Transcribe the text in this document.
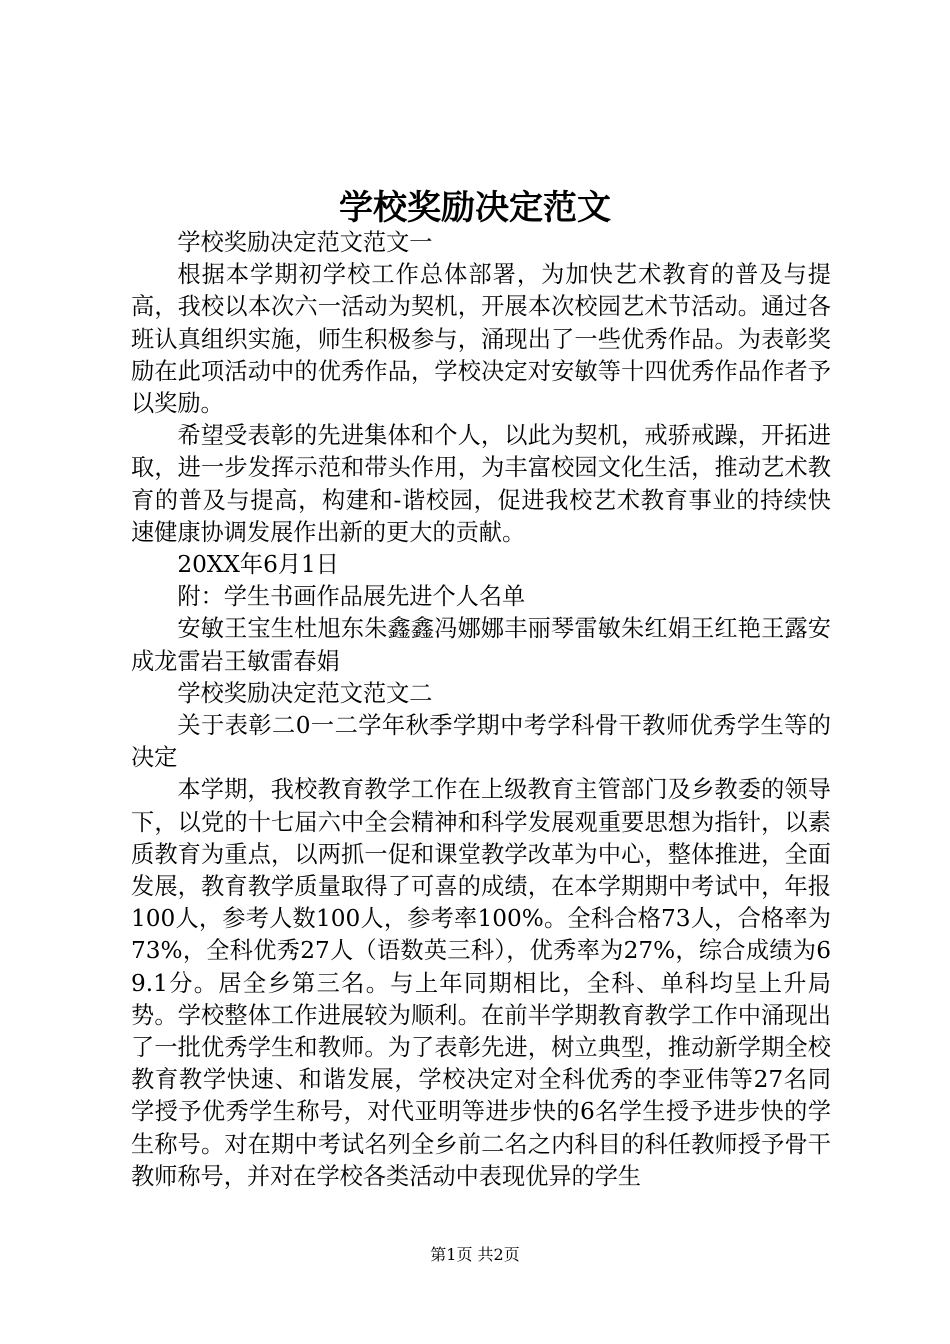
学校奖励决定范文

学校奖励决定范文范文一

根据本学期初学校工作总体部署，为加快艺术教育的普及与提高，我校以本次六一活动为契机，开展本次校园艺术节活动。通过各班认真组织实施，师生积极参与，涌现出了一些优秀作品。为表彰奖励在此项活动中的优秀作品，学校决定对安敏等十四优秀作品作者予以奖励。

希望受表彰的先进集体和个人，以此为契机，戒骄戒躁，开拓进取，进一步发挥示范和带头作用，为丰富校园文化生活，推动艺术教育的普及与提高，构建和-谐校园，促进我校艺术教育事业的持续快速健康协调发展作出新的更大的贡献。

20XX年6月1日

附：学生书画作品展先进个人名单

安敏王宝生杜旭东朱鑫鑫冯娜娜丰丽琴雷敏朱红娟王红艳王露安成龙雷岩王敏雷春娟

学校奖励决定范文范文二

关于表彰二0一二学年秋季学期中考学科骨干教师优秀学生等的决定

本学期，我校教育教学工作在上级教育主管部门及乡教委的领导下，以党的十七届六中全会精神和科学发展观重要思想为指针，以素质教育为重点，以两抓一促和课堂教学改革为中心，整体推进，全面发展，教育教学质量取得了可喜的成绩，在本学期期中考试中，年报100人，参考人数100人，参考率100%。全科合格73人，合格率为73%，全科优秀27人（语数英三科），优秀率为27%，综合成绩为69.1分。居全乡第三名。与上年同期相比，全科、单科均呈上升局势。学校整体工作进展较为顺利。在前半学期教育教学工作中涌现出了一批优秀学生和教师。为了表彰先进，树立典型，推动新学期全校教育教学快速、和谐发展，学校决定对全科优秀的李亚伟等27名同学授予优秀学生称号，对代亚明等进步快的6名学生授予进步快的学生称号。对在期中考试名列全乡前二名之内科目的科任教师授予骨干教师称号，并对在学校各类活动中表现优异的学生

第1页 共2页
